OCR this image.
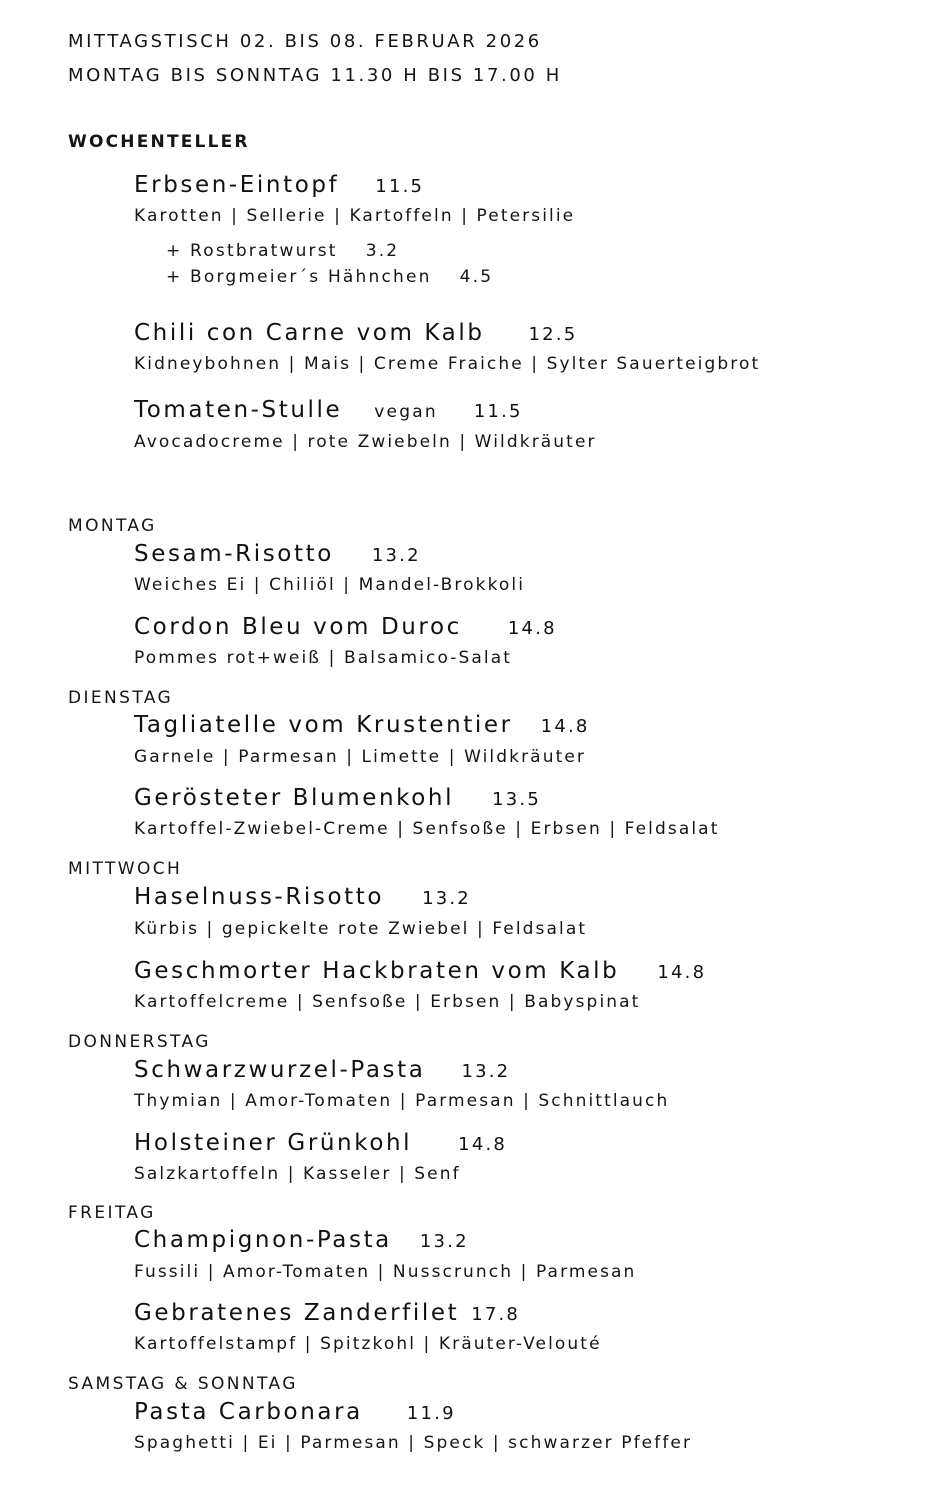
MITTAGSTISCH 02. BIS 08. FEBRUAR 2026
MONTAG BIS SONNTAG 11.30 H BIS 17.00 H
WOCHENTELLER
Erbsen-Eintopf 11.5
Karotten | Sellerie | Kartoffeln | Petersilie
+ Rostbratwurst 3.2
+ Borgmeier´s Hähnchen 4.5
Chili con Carne vom Kalb 12.5
Kidneybohnen | Mais | Creme Fraiche | Sylter Sauerteigbrot
Tomaten-Stulle vegan 11.5
Avocadocreme | rote Zwiebeln | Wildkräuter
MONTAG
Sesam-Risotto 13.2
Weiches Ei | Chiliöl | Mandel-Brokkoli
Cordon Bleu vom Duroc	14.8
Pommes rot+weiß | Balsamico-Salat
DIENSTAG
Tagliatelle vom Krustentier 14.8
Garnele | Parmesan | Limette | Wildkräuter
Gerösteter Blumenkohl 13.5
Kartoffel-Zwiebel-Creme | Senfsoße | Erbsen | Feldsalat
MITTWOCH
Haselnuss-Risotto 13.2
Kürbis | gepickelte rote Zwiebel | Feldsalat
Geschmorter Hackbraten vom Kalb 14.8
Kartoffelcreme | Senfsoße | Erbsen | Babyspinat
DONNERSTAG
Schwarzwurzel-Pasta 13.2
Thymian | Amor-Tomaten | Parmesan | Schnittlauch
Holsteiner Grünkohl	14.8
Salzkartoffeln | Kasseler | Senf
FREITAG
Champignon-Pasta 13.2
Fussili | Amor-Tomaten | Nusscrunch | Parmesan
Gebratenes Zanderfilet 17.8
Kartoffelstampf | Spitzkohl | Kräuter-Velouté
SAMSTAG & SONNTAG
Pasta Carbonara 11.9
Spaghetti | Ei | Parmesan | Speck | schwarzer Pfeffer
